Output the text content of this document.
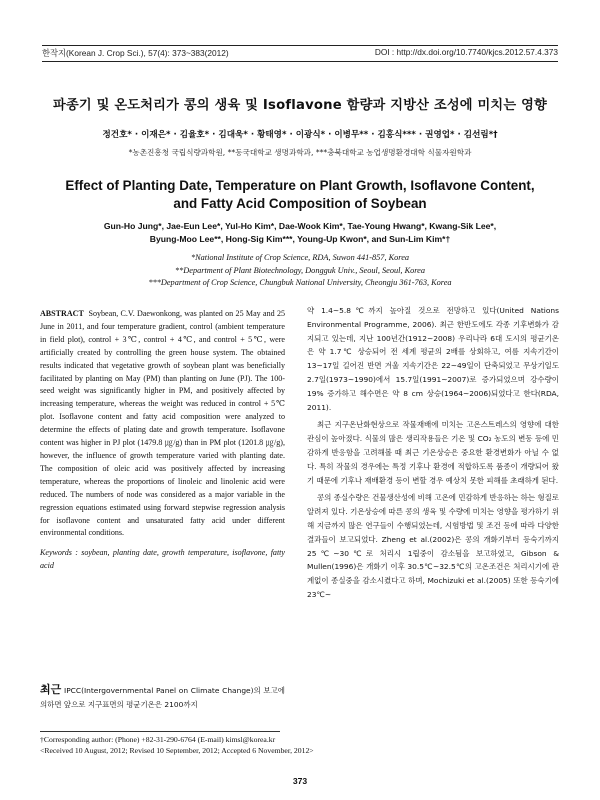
한작지(Korean J. Crop Sci.), 57(4): 373~383(2012)	DOI : http://dx.doi.org/10.7740/kjcs.2012.57.4.373
파종기 및 온도처리가 콩의 생육 및 Isoflavone 함량과 지방산 조성에 미치는 영향
정건호* · 이재은* · 김율호* · 김대욱* · 황태영* · 이광식* · 이병무** · 김홍식*** · 권영업* · 김선림*†
*농촌진흥청 국립식량과학원, **동국대학교 생명과학과, ***충북대학교 농업생명환경대학 식물자원학과
Effect of Planting Date, Temperature on Plant Growth, Isoflavone Content,
and Fatty Acid Composition of Soybean
Gun-Ho Jung*, Jae-Eun Lee*, Yul-Ho Kim*, Dae-Wook Kim*, Tae-Young Hwang*, Kwang-Sik Lee*,
Byung-Moo Lee**, Hong-Sig Kim***, Young-Up Kwon*, and Sun-Lim Kim*†
*National Institute of Crop Science, RDA, Suwon 441-857, Korea
**Department of Plant Biotechnology, Dongguk Univ., Seoul, Seoul, Korea
***Department of Crop Science, Chungbuk National University, Cheongju 361-763, Korea

ABSTRACT Soybean, C.V. Daewonkong, was planted on 25 May and 25 June in 2011, and four temperature gradient, control (ambient temperature in field plot), control + 3℃, control + 4℃, and control + 5℃, were artificially created by controlling the green house system. The obtained results indicated that vegetative growth of soybean plant was beneficially facilitated by planting on May (PM) than planting on June (PJ). The 100-seed weight was significantly higher in PM, and positively affected by increasing temperature, whereas the weight was reduced in control + 5℃ plot. Isoflavone content and fatty acid composition were analyzed to determine the effects of plating date and growth temperature. Isoflavone content was higher in PJ plot (1479.8 ㎍/g) than in PM plot (1201.8 ㎍/g), however, the influence of growth temperature varied with planting date. The composition of oleic acid was positively affected by increasing temperature, whereas the proportions of linoleic and linolenic acid were reduced. The numbers of node was considered as a major variable in the regression equations estimated using forward stepwise regression analysis for isoflavone content and unsaturated fatty acid under different environmental conditions.

Keywords : soybean, planting date, growth temperature, isoflavone, fatty acid

최근 IPCC(Intergovernmental Panel on Climate Change)의 보고에 의하면 앞으로 지구표면의 평균기온은 2100까지

약 1.4~5.8℃까지 높아질 것으로 전망하고 있다(United Nations Environmental Programme, 2006). 최근 한반도에도 각종 기후변화가 감지되고 있는데, 지난 100년간(1912~2008) 우리나라 6대 도시의 평균기온은 약 1.7℃ 상승되어 전 세계 평균의 2배를 상회하고, 여름 지속기간이 13~17일 길어진 반면 겨울 지속기간은 22~49일이 단축되었고 무상기일도 2.7일(1973~1990)에서 15.7일(1991~2007)로 증가되었으며 강수량이 19% 증가하고 해수면은 약 8 cm 상승(1964~2006)되었다고 한다(RDA, 2011).

최근 지구온난화현상으로 작물재배에 미치는 고온스트레스의 영향에 대한 관심이 높아졌다. 식물의 많은 생리작용들은 기온 및 CO₂ 농도의 변동 등에 민감하게 반응함을 고려해볼 때 최근 기온상승은 중요한 환경변화가 아닐 수 없다. 특히 작물의 경우에는 특정 기후나 환경에 적합하도록 품종이 개량되어 왔기 때문에 기후나 재배환경 등이 변할 경우 예상치 못한 피해를 초래하게 된다.

콩의 종실수량은 건물생산성에 비해 고온에 민감하게 반응하는 하는 형질로 알려져 있다. 기온상승에 따른 콩의 생육 및 수량에 미치는 영향을 평가하기 위해 지금까지 많은 연구들이 수행되었는데, 시험방법 및 조건 등에 따라 다양한 결과들이 보고되었다. Zheng et al.(2002)은 콩의 개화기부터 등숙기까지 25℃~30℃로 처리시 1립중이 감소됨을 보고하였고, Gibson & Mullen(1996)은 개화기 이후 30.5℃~32.5℃의 고온조건은 처리시기에 관계없이 종실중을 감소시켰다고 하며, Mochizuki et al.(2005) 또한 등숙기에 23℃~

†Corresponding author: (Phone) +82-31-290-6764 (E-mail) kimsl@korea.kr
<Received 10 August, 2012; Revised 10 September, 2012; Accepted 6 November, 2012>
373
